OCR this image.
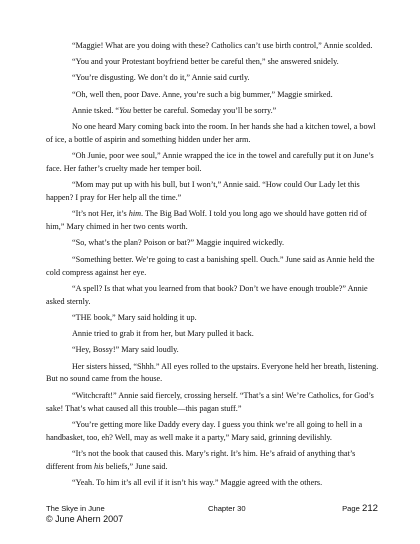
“Maggie! What are you doing with these? Catholics can’t use birth control,” Annie scolded.

“You and your Protestant boyfriend better be careful then,” she answered snidely.

“You’re disgusting. We don’t do it,” Annie said curtly.

“Oh, well then, poor Dave. Anne, you’re such a big bummer,” Maggie smirked.

Annie tsked. “You better be careful. Someday you’ll be sorry.”

No one heard Mary coming back into the room. In her hands she had a kitchen towel, a bowl of ice, a bottle of aspirin and something hidden under her arm.

“Oh Junie, poor wee soul,” Annie wrapped the ice in the towel and carefully put it on June’s face. Her father’s cruelty made her temper boil.

“Mom may put up with his bull, but I won’t,” Annie said. “How could Our Lady let this happen? I pray for Her help all the time.”

“It’s not Her, it’s him. The Big Bad Wolf. I told you long ago we should have gotten rid of him,” Mary chimed in her two cents worth.

“So, what’s the plan? Poison or bat?” Maggie inquired wickedly.

“Something better. We’re going to cast a banishing spell. Ouch.” June said as Annie held the cold compress against her eye.

“A spell? Is that what you learned from that book? Don’t we have enough trouble?” Annie asked sternly.

“THE book,” Mary said holding it up.

Annie tried to grab it from her, but Mary pulled it back.

“Hey, Bossy!” Mary said loudly.

Her sisters hissed, “Shhh.” All eyes rolled to the upstairs. Everyone held her breath, listening. But no sound came from the house.

“Witchcraft!” Annie said fiercely, crossing herself. “That’s a sin! We’re Catholics, for God’s sake! That’s what caused all this trouble—this pagan stuff.”

“You’re getting more like Daddy every day. I guess you think we’re all going to hell in a handbasket, too, eh? Well, may as well make it a party,” Mary said, grinning devilishly.

“It’s not the book that caused this. Mary’s right. It’s him. He’s afraid of anything that’s different from his beliefs,” June said.

“Yeah. To him it’s all evil if it isn’t his way.” Maggie agreed with the others.

The Skye in June
© June Ahern 2007
Chapter 30	Page 212
